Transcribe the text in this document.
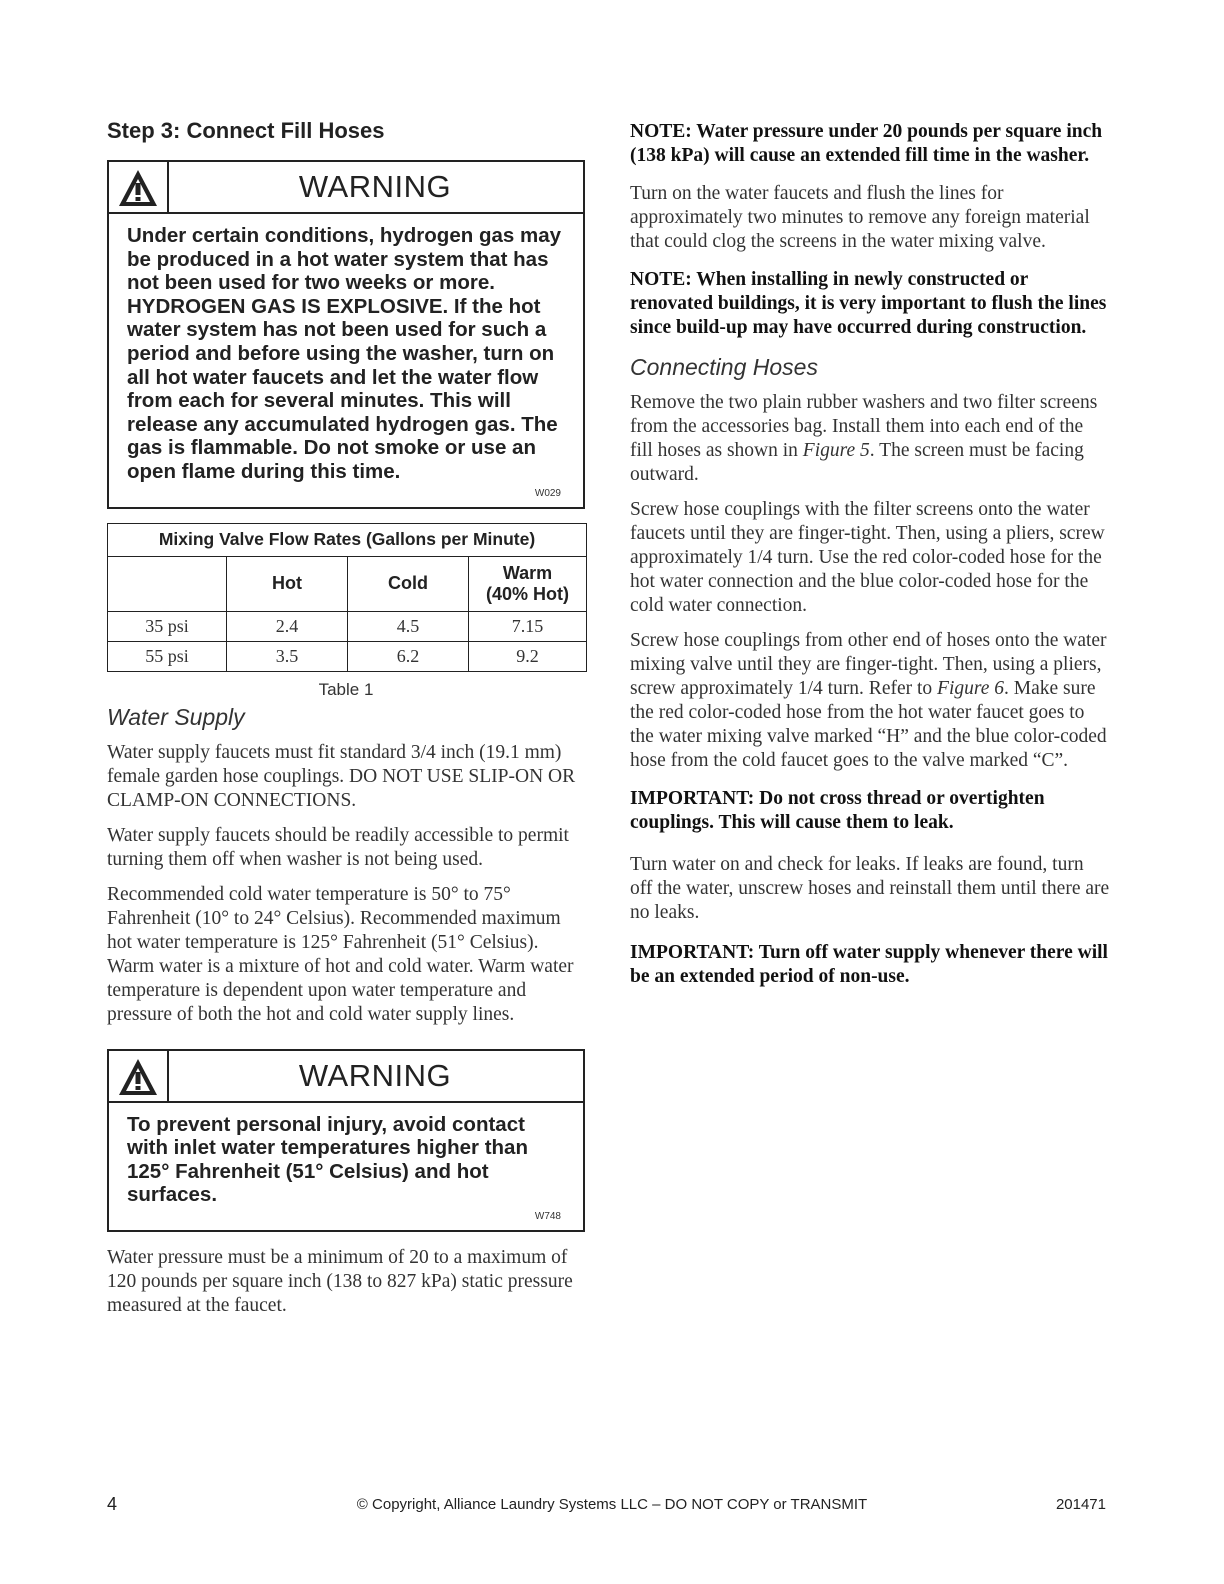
Step 3: Connect Fill Hoses
WARNING
Under certain conditions, hydrogen gas may be produced in a hot water system that has not been used for two weeks or more. HYDROGEN GAS IS EXPLOSIVE. If the hot water system has not been used for such a period and before using the washer, turn on all hot water faucets and let the water flow from each for several minutes. This will release any accumulated hydrogen gas. The gas is flammable. Do not smoke or use an open flame during this time.
W029
Mixing Valve Flow Rates (Gallons per Minute)			
	Hot	Cold	Warm
(40% Hot)
35 psi	2.4	4.5	7.15
55 psi	3.5	6.2	9.2
Table 1
Water Supply

Water supply faucets must fit standard 3/4 inch (19.1 mm) female garden hose couplings. DO NOT USE SLIP-ON OR CLAMP-ON CONNECTIONS.

Water supply faucets should be readily accessible to permit turning them off when washer is not being used.

Recommended cold water temperature is 50° to 75° Fahrenheit (10° to 24° Celsius). Recommended maximum hot water temperature is 125° Fahrenheit (51° Celsius). Warm water is a mixture of hot and cold water. Warm water temperature is dependent upon water temperature and pressure of both the hot and cold water supply lines.

WARNING
To prevent personal injury, avoid contact with inlet water temperatures higher than 125° Fahrenheit (51° Celsius) and hot surfaces.
W748

Water pressure must be a minimum of 20 to a maximum of 120 pounds per square inch (138 to 827 kPa) static pressure measured at the faucet.

NOTE: Water pressure under 20 pounds per square inch (138 kPa) will cause an extended fill time in the washer.

Turn on the water faucets and flush the lines for approximately two minutes to remove any foreign material that could clog the screens in the water mixing valve.

NOTE: When installing in newly constructed or renovated buildings, it is very important to flush the lines since build-up may have occurred during construction.

Connecting Hoses

Remove the two plain rubber washers and two filter screens from the accessories bag. Install them into each end of the fill hoses as shown in Figure 5. The screen must be facing outward.

Screw hose couplings with the filter screens onto the water faucets until they are finger-tight. Then, using a pliers, screw approximately 1/4 turn. Use the red color-coded hose for the hot water connection and the blue color-coded hose for the cold water connection.

Screw hose couplings from other end of hoses onto the water mixing valve until they are finger-tight. Then, using a pliers, screw approximately 1/4 turn. Refer to Figure 6. Make sure the red color-coded hose from the hot water faucet goes to the water mixing valve marked “H” and the blue color-coded hose from the cold faucet goes to the valve marked “C”.

IMPORTANT: Do not cross thread or overtighten couplings. This will cause them to leak.

Turn water on and check for leaks. If leaks are found, turn off the water, unscrew hoses and reinstall them until there are no leaks.

IMPORTANT: Turn off water supply whenever there will be an extended period of non-use.

4	© Copyright, Alliance Laundry Systems LLC – DO NOT COPY or TRANSMIT	201471
